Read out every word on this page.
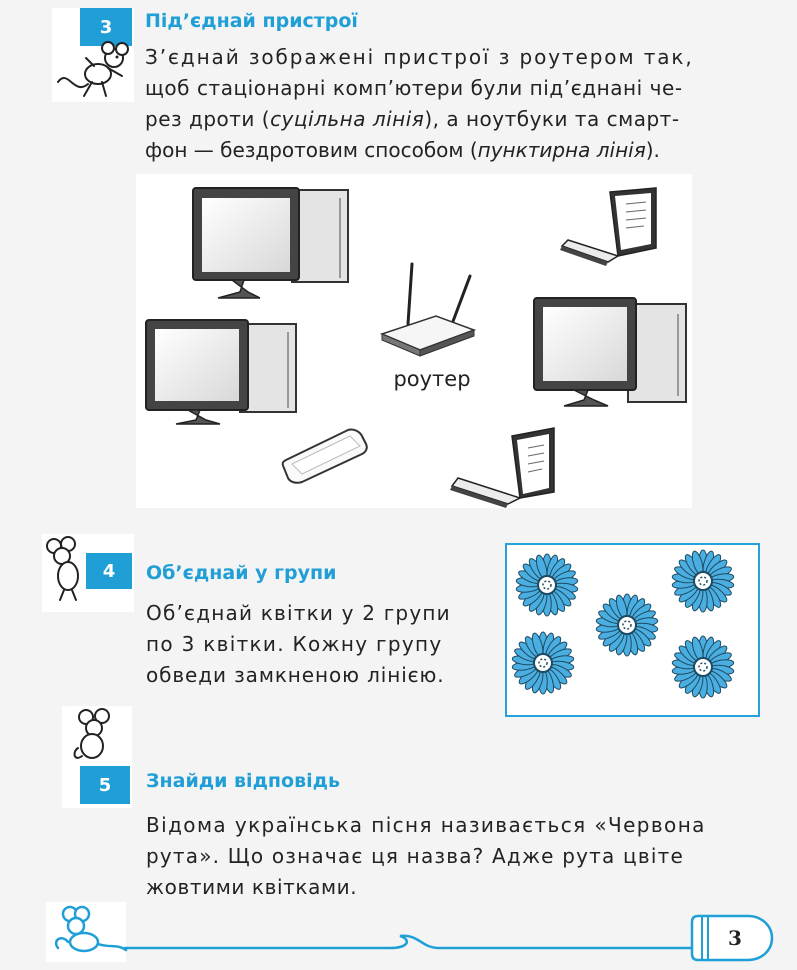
3	Під’єднай пристрої
З’єднай зображені пристрої з роутером так,
щоб стаціонарні комп’ютери були під’єднані че-
рез дроти (суцільна лінія), а ноутбуки та смарт-
фон — бездротовим способом (пунктирна лінія).
роутер
4	Об’єднай у групи
Об’єднай квітки у 2 групи
по 3 квітки. Кожну групу
обведи замкненою лінією.
5	Знайди відповідь
Відома українська пісня називається «Червона
рута». Що означає ця назва? Адже рута цвіте
жовтими квітками.
3
